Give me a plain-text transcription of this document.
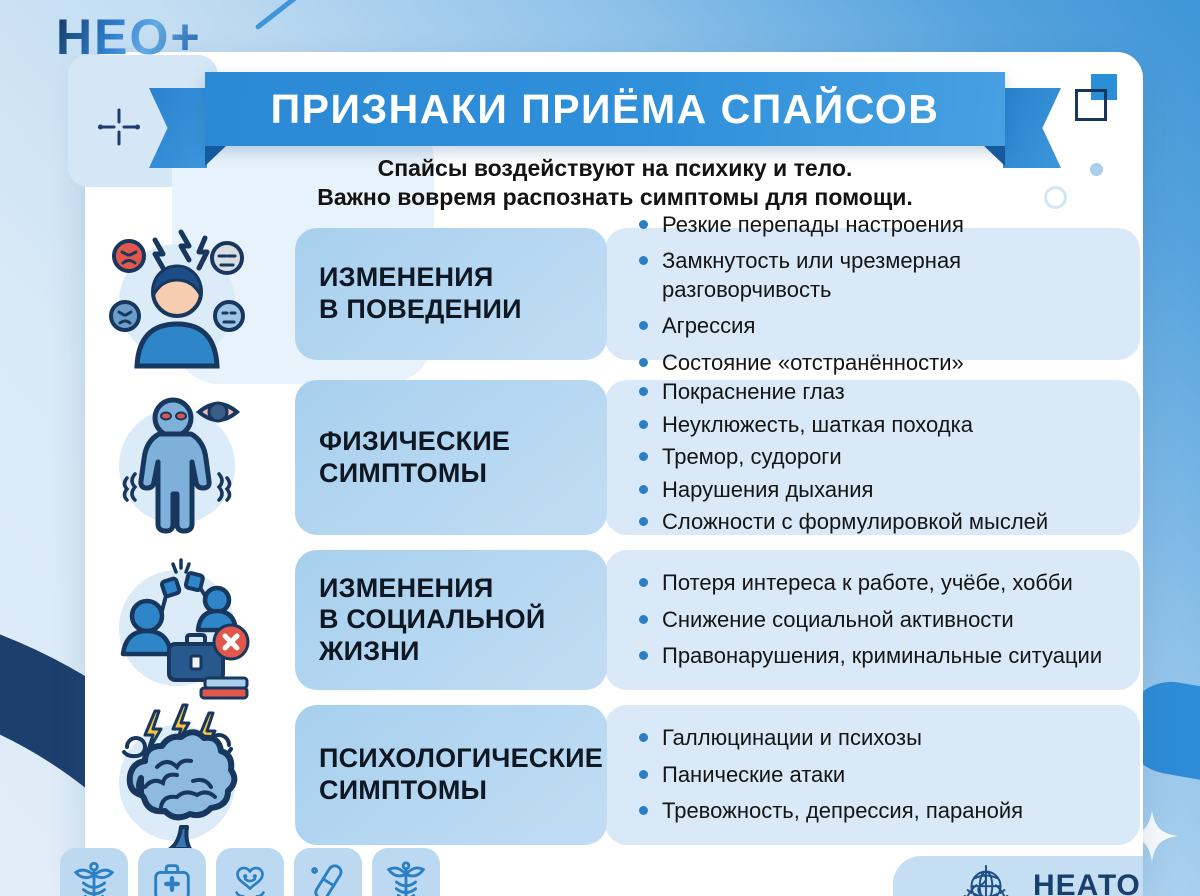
НЕО+
ПРИЗНАКИ ПРИЁМА СПАЙСОВ
Спайсы воздействуют на психику и тело.
Важно вовремя распознать симптомы для помощи.
Резкие перепады настроения
Замкнутость или чрезмерная разговорчивость
Агрессия
Состояние «отстранённости»
ИЗМЕНЕНИЯ
В ПОВЕДЕНИИ
Покраснение глаз
Неуклюжесть, шаткая походка
Тремор, судороги
Нарушения дыхания
Сложности с формулировкой мыслей
ФИЗИЧЕСКИЕ
СИМПТОМЫ
Потеря интереса к работе, учёбе, хобби
Снижение социальной активности
Правонарушения, криминальные ситуации
ИЗМЕНЕНИЯ
В СОЦИАЛЬНОЙ
ЖИЗНИ
Галлюцинации и психозы
Панические атаки
Тревожность, депрессия, паранойя
ПСИХОЛОГИЧЕСКИЕ
СИМПТОМЫ
НЕАТО
